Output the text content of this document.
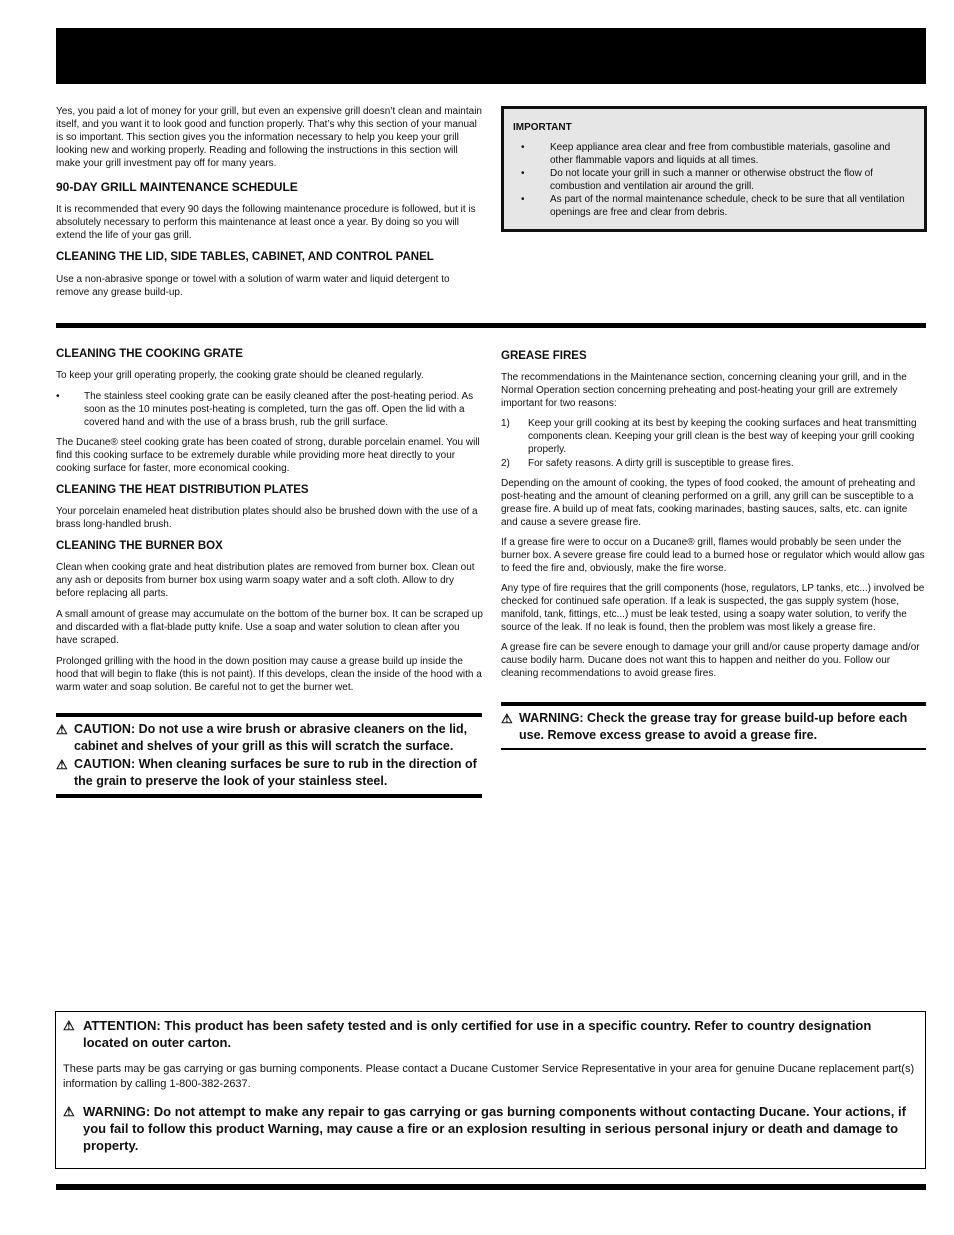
Yes, you paid a lot of money for your grill, but even an expensive grill doesn’t clean and maintain itself, and you want it to look good and function properly. That’s why this section of your manual is so important. This section gives you the information necessary to help you keep your grill looking new and working properly. Reading and following the instructions in this section will make your grill investment pay off for many years.

90-DAY GRILL MAINTENANCE SCHEDULE

It is recommended that every 90 days the following maintenance procedure is followed, but it is absolutely necessary to perform this maintenance at least once a year. By doing so you will extend the life of your gas grill.

CLEANING THE LID, SIDE TABLES, CABINET, AND CONTROL PANEL

Use a non-abrasive sponge or towel with a solution of warm water and liquid detergent to remove any grease build-up.

IMPORTANT

•	Keep appliance area clear and free from combustible materials, gasoline and other flammable vapors and liquids at all times.
•	Do not locate your grill in such a manner or otherwise obstruct the flow of combustion and ventilation air around the grill.
•	As part of the normal maintenance schedule, check to be sure that all ventilation openings are free and clear from debris.

CLEANING THE COOKING GRATE

To keep your grill operating properly, the cooking grate should be cleaned regularly.

• The stainless steel cooking grate can be easily cleaned after the post-heating period. As soon as the 10 minutes post-heating is completed, turn the gas off. Open the lid with a covered hand and with the use of a brass brush, rub the grill surface.

The Ducane® steel cooking grate has been coated of strong, durable porcelain enamel. You will find this cooking surface to be extremely durable while providing more heat directly to your cooking surface for faster, more economical cooking.

CLEANING THE HEAT DISTRIBUTION PLATES

Your porcelain enameled heat distribution plates should also be brushed down with the use of a brass long-handled brush.

CLEANING THE BURNER BOX

Clean when cooking grate and heat distribution plates are removed from burner box. Clean out any ash or deposits from burner box using warm soapy water and a soft cloth. Allow to dry before replacing all parts.

A small amount of grease may accumulate on the bottom of the burner box. It can be scraped up and discarded with a flat-blade putty knife. Use a soap and water solution to clean after you have scraped.

Prolonged grilling with the hood in the down position may cause a grease build up inside the hood that will begin to flake (this is not paint). If this develops, clean the inside of the hood with a warm water and soap solution. Be careful not to get the burner wet.

⚠ CAUTION: Do not use a wire brush or abrasive cleaners on the lid, cabinet and shelves of your grill as this will scratch the surface.
⚠ CAUTION: When cleaning surfaces be sure to rub in the direction of the grain to preserve the look of your stainless steel.

GREASE FIRES

The recommendations in the Maintenance section, concerning cleaning your grill, and in the Normal Operation section concerning preheating and post-heating your grill are extremely important for two reasons:

1) Keep your grill cooking at its best by keeping the cooking surfaces and heat transmitting components clean. Keeping your grill clean is the best way of keeping your grill cooking properly.
2) For safety reasons. A dirty grill is susceptible to grease fires.

Depending on the amount of cooking, the types of food cooked, the amount of preheating and post-heating and the amount of cleaning performed on a grill, any grill can be susceptible to a grease fire. A build up of meat fats, cooking marinades, basting sauces, salts, etc. can ignite and cause a severe grease fire.

If a grease fire were to occur on a Ducane® grill, flames would probably be seen under the burner box. A severe grease fire could lead to a burned hose or regulator which would allow gas to feed the fire and, obviously, make the fire worse.

Any type of fire requires that the grill components (hose, regulators, LP tanks, etc...) involved be checked for continued safe operation. If a leak is suspected, the gas supply system (hose, manifold, tank, fittings, etc...) must be leak tested, using a soapy water solution, to verify the source of the leak. If no leak is found, then the problem was most likely a grease fire.

A grease fire can be severe enough to damage your grill and/or cause property damage and/or cause bodily harm. Ducane does not want this to happen and neither do you. Follow our cleaning recommendations to avoid grease fires.

⚠ WARNING: Check the grease tray for grease build-up before each use. Remove excess grease to avoid a grease fire.
⚠ ATTENTION: This product has been safety tested and is only certified for use in a specific country. Refer to country designation located on outer carton.

These parts may be gas carrying or gas burning components. Please contact a Ducane Customer Service Representative in your area for genuine Ducane replacement part(s) information by calling 1-800-382-2637.

⚠ WARNING: Do not attempt to make any repair to gas carrying or gas burning components without contacting Ducane. Your actions, if you fail to follow this product Warning, may cause a fire or an explosion resulting in serious personal injury or death and damage to property.
